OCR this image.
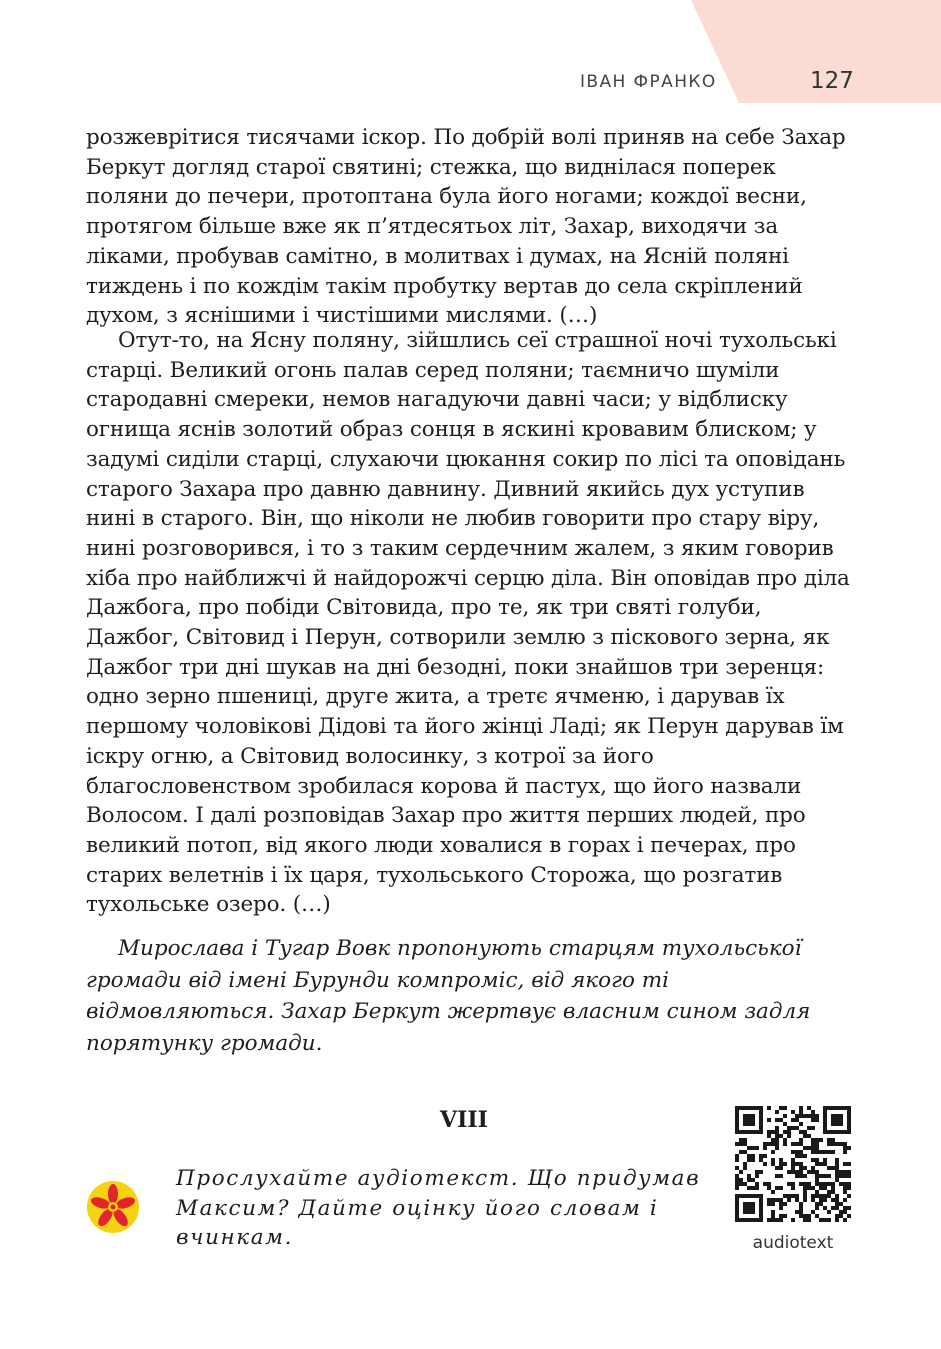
ІВАН ФРАНКО	127

розжеврітися тисячами іскор. По добрій волі приняв на себе Захар Беркут догляд старої святині; стежка, що виднілася поперек поляни до печери, протоптана була його ногами; кождої весни, протягом більше вже як п’ятдесятьох літ, Захар, виходячи за ліками, пробував самітно, в молитвах і думах, на Ясній поляні тиждень і по кождім такім пробутку вертав до села скріплений духом, з яснішими і чистішими мислями. (…)

Отут-то, на Ясну поляну, зійшлись сеї страшної ночі тухольські старці. Великий огонь палав серед поляни; таємничо шуміли стародавні смереки, немов нагадуючи давні часи; у відблиску огнища яснів золотий образ сонця в яскині кровавим блиском; у задумі сиділи старці, слухаючи цюкання сокир по лісі та оповідань старого Захара про давню давнину. Дивний якийсь дух уступив нині в старого. Він, що ніколи не любив говорити про стару віру, нині розговорився, і то з таким сердечним жалем, з яким говорив хіба про найближчі й найдорожчі серцю діла. Він оповідав про діла Дажбога, про побіди Світовида, про те, як три святі голуби, Дажбог, Світовид і Перун, сотворили землю з піскового зерна, як Дажбог три дні шукав на дні безодні, поки знайшов три зеренця: одно зерно пшениці, друге жита, а третє ячменю, і дарував їх першому чоловікові Дідові та його жінці Ладі; як Перун дарував їм іскру огню, а Світовид волосинку, з котрої за його благословенством зробилася корова й пастух, що його назвали Волосом. І далі розповідав Захар про життя перших людей, про великий потоп, від якого люди ховалися в горах і печерах, про старих велетнів і їх царя, тухольського Сторожа, що розгатив тухольське озеро. (…)

Мирослава і Тугар Вовк пропонують старцям тухольської громади від імені Бурунди компроміс, від якого ті відмовляються. Захар Беркут жертвує власним сином задля порятунку громади.

VIII

Прослухайте аудіотекст. Що придумав Максим? Дайте оцінку його словам і вчинкам.	audiotext
